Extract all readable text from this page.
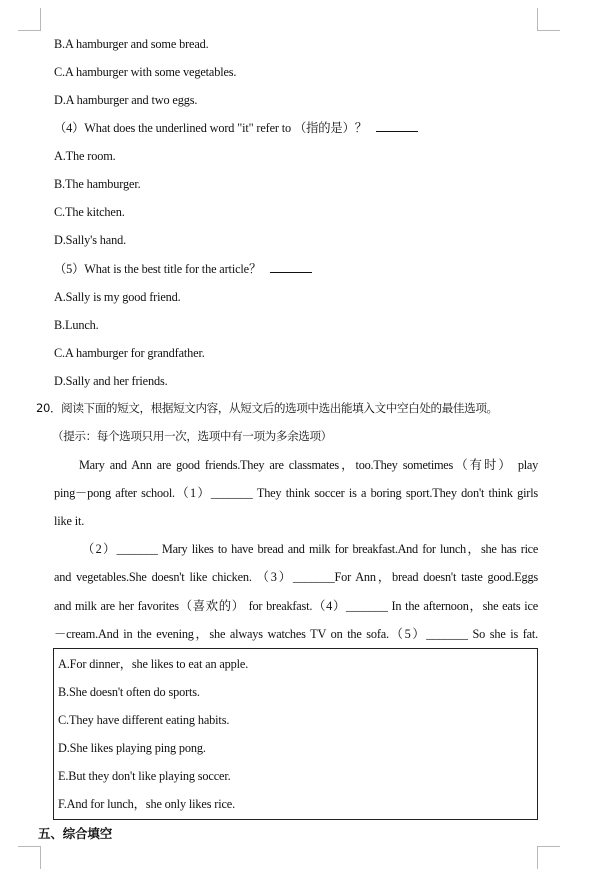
B.A hamburger and some bread.
C.A hamburger with some vegetables.
D.A hamburger and two eggs.
（4）What does the underlined word "it" refer to （指的是）？
A.The room.
B.The hamburger.
C.The kitchen.
D.Sally's hand.
（5）What is the best title for the article？
A.Sally is my good friend.
B.Lunch.
C.A hamburger for grandfather.
D.Sally and her friends.
20．阅读下面的短文，根据短文内容，从短文后的选项中选出能填入文中空白处的最佳选项。
（提示：每个选项只用一次，选项中有一项为多余选项）
Mary and Ann are good friends.They are classmates，too.They sometimes（有时） play
ping－pong after school.（1）_______ They think soccer is a boring sport.They don't think girls
like it.
（2）_______ Mary likes to have bread and milk for breakfast.And for lunch，she has rice
and vegetables.She doesn't like chicken. （3）_______For Ann，bread doesn't taste good.Eggs
and milk are her favorites（喜欢的） for breakfast.（4）_______ In the afternoon，she eats ice
－cream.And in the evening，she always watches TV on the sofa.（5）_______ So she is fat.
A.For dinner，she likes to eat an apple.
B.She doesn't often do sports.
C.They have different eating habits.
D.She likes playing ping pong.
E.But they don't like playing soccer.
F.And for lunch，she only likes rice.
五、综合填空
